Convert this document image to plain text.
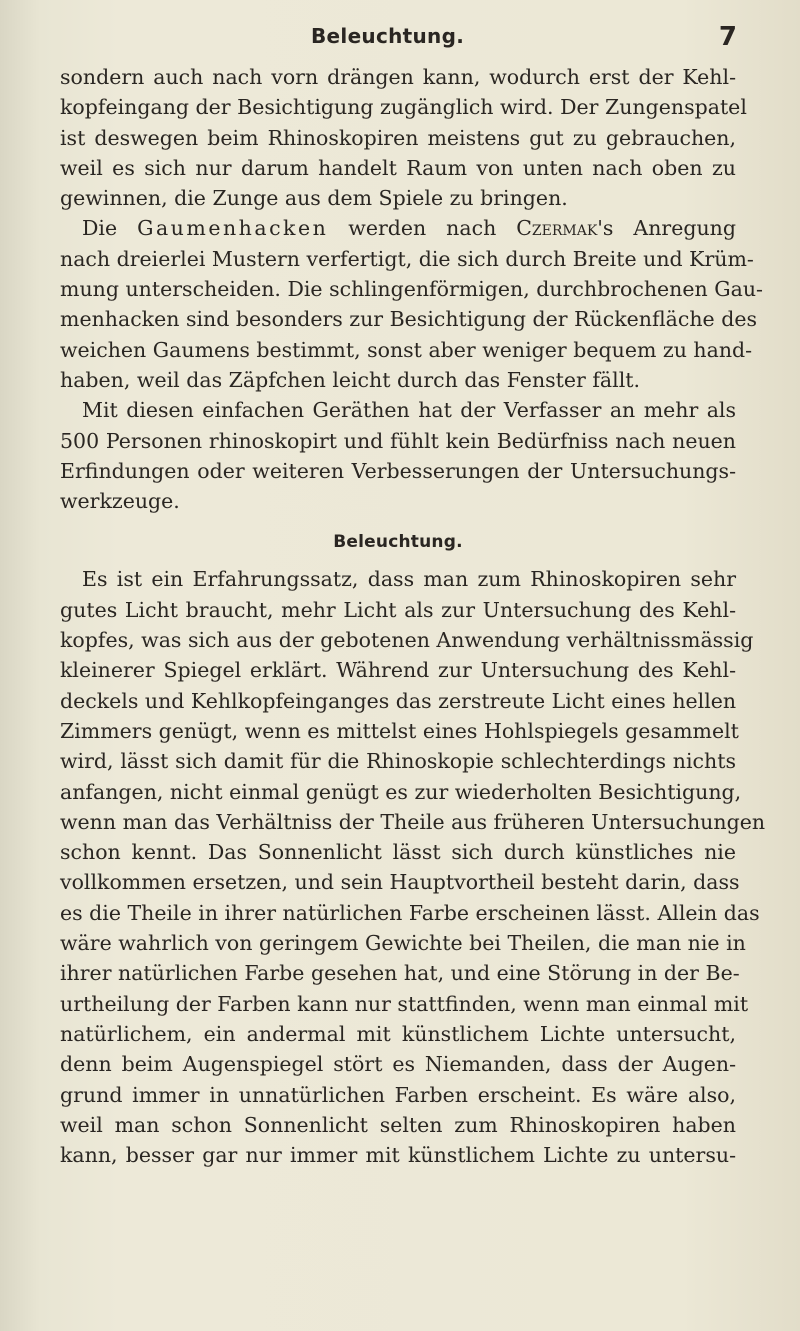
Beleuchtung.	7
sondern auch nach vorn drängen kann, wodurch erst der Kehl-
kopfeingang der Besichtigung zugänglich wird. Der Zungenspatel
ist deswegen beim Rhinoskopiren meistens gut zu gebrauchen,
weil es sich nur darum handelt Raum von unten nach oben zu
gewinnen, die Zunge aus dem Spiele zu bringen.
Die Gaumenhacken werden nach Czermak's Anregung
nach dreierlei Mustern verfertigt, die sich durch Breite und Krüm-
mung unterscheiden. Die schlingenförmigen, durchbrochenen Gau-
menhacken sind besonders zur Besichtigung der Rückenfläche des
weichen Gaumens bestimmt, sonst aber weniger bequem zu hand-
haben, weil das Zäpfchen leicht durch das Fenster fällt.
Mit diesen einfachen Geräthen hat der Verfasser an mehr als
500 Personen rhinoskopirt und fühlt kein Bedürfniss nach neuen
Erfindungen oder weiteren Verbesserungen der Untersuchungs-
werkzeuge.
Beleuchtung.
Es ist ein Erfahrungssatz, dass man zum Rhinoskopiren sehr
gutes Licht braucht, mehr Licht als zur Untersuchung des Kehl-
kopfes, was sich aus der gebotenen Anwendung verhältnissmässig
kleinerer Spiegel erklärt. Während zur Untersuchung des Kehl-
deckels und Kehlkopfeinganges das zerstreute Licht eines hellen
Zimmers genügt, wenn es mittelst eines Hohlspiegels gesammelt
wird, lässt sich damit für die Rhinoskopie schlechterdings nichts
anfangen, nicht einmal genügt es zur wiederholten Besichtigung,
wenn man das Verhältniss der Theile aus früheren Untersuchungen
schon kennt. Das Sonnenlicht lässt sich durch künstliches nie
vollkommen ersetzen, und sein Hauptvortheil besteht darin, dass
es die Theile in ihrer natürlichen Farbe erscheinen lässt. Allein das
wäre wahrlich von geringem Gewichte bei Theilen, die man nie in
ihrer natürlichen Farbe gesehen hat, und eine Störung in der Be-
urtheilung der Farben kann nur stattfinden, wenn man einmal mit
natürlichem, ein andermal mit künstlichem Lichte untersucht,
denn beim Augenspiegel stört es Niemanden, dass der Augen-
grund immer in unnatürlichen Farben erscheint. Es wäre also,
weil man schon Sonnenlicht selten zum Rhinoskopiren haben
kann, besser gar nur immer mit künstlichem Lichte zu untersu-
